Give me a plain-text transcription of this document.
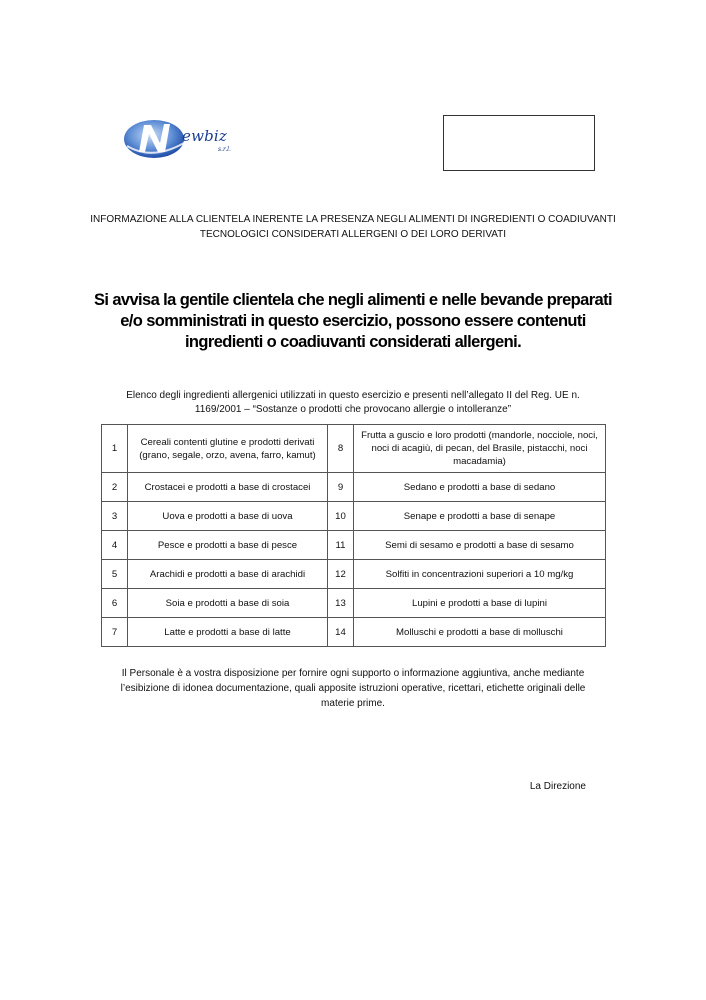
ewbiz
s.r.l.
INFORMAZIONE ALLA CLIENTELA INERENTE LA PRESENZA NEGLI ALIMENTI DI INGREDIENTI O COADIUVANTI
TECNOLOGICI CONSIDERATI ALLERGENI O DEI LORO DERIVATI
Si avvisa la gentile clientela che negli alimenti e nelle bevande preparati
e/o somministrati in questo esercizio, possono essere contenuti
ingredienti o coadiuvanti considerati allergeni.
Elenco degli ingredienti allergenici utilizzati in questo esercizio e presenti nell’allegato II del Reg. UE n.
1169/2001 – “Sostanze o prodotti che provocano allergie o intolleranze”
1	Cereali contenti glutine e prodotti derivati (grano, segale, orzo, avena, farro, kamut)	8	Frutta a guscio e loro prodotti (mandorle, nocciole, noci, noci di acagiù, di pecan, del Brasile, pistacchi, noci macadamia)
2	Crostacei e prodotti a base di crostacei	9	Sedano e prodotti a base di sedano
3	Uova e prodotti a base di uova	10	Senape e prodotti a base di senape
4	Pesce e prodotti a base di pesce	11	Semi di sesamo e prodotti a base di sesamo
5	Arachidi e prodotti a base di arachidi	12	Solfiti in concentrazioni superiori a 10 mg/kg
6	Soia e prodotti a base di soia	13	Lupini e prodotti a base di lupini
7	Latte e prodotti a base di latte	14	Molluschi e prodotti a base di molluschi
Il Personale è a vostra disposizione per fornire ogni supporto o informazione aggiuntiva, anche mediante
l’esibizione di idonea documentazione, quali apposite istruzioni operative, ricettari, etichette originali delle
materie prime.
La Direzione
